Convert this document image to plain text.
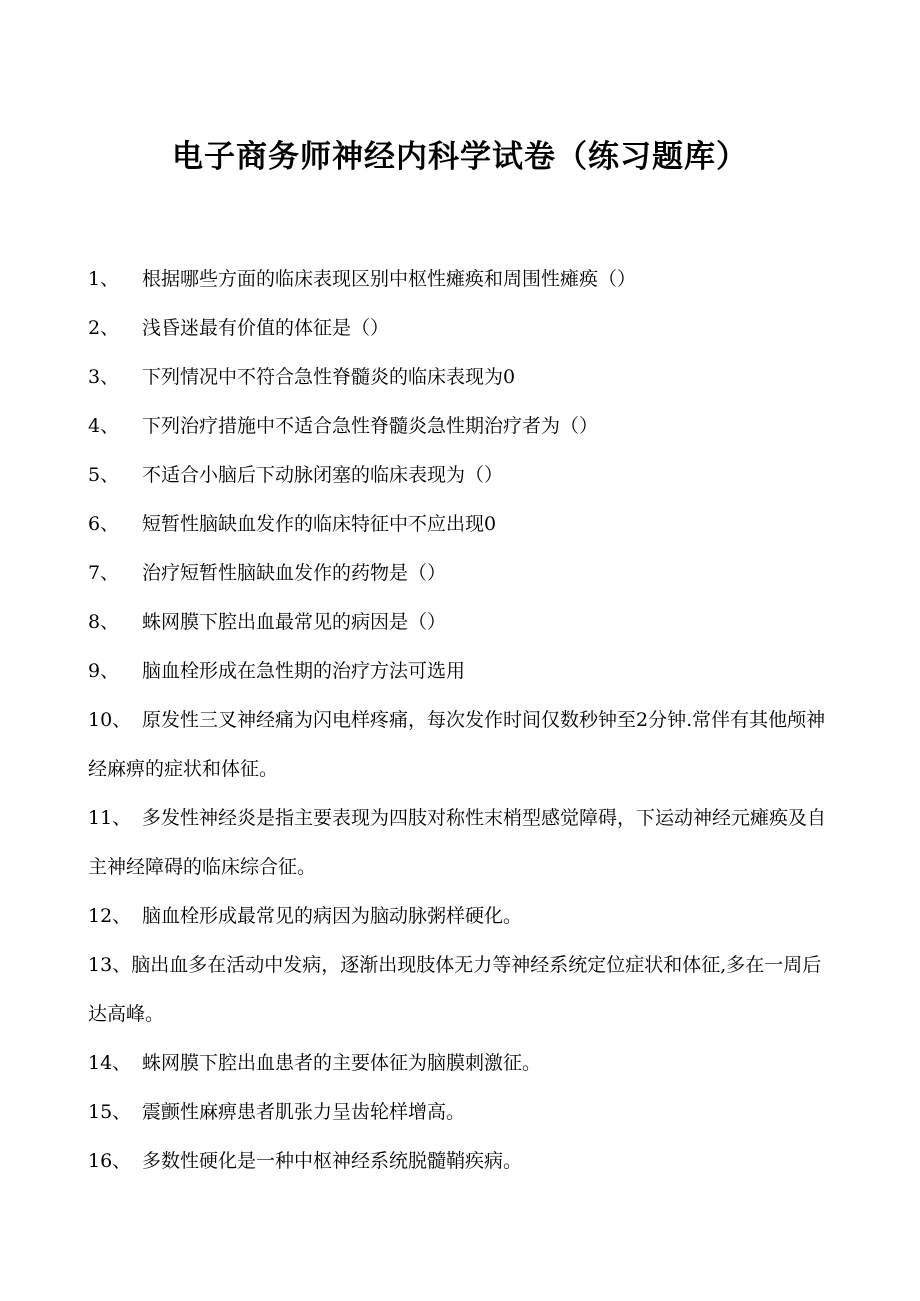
电子商务师神经内科学试卷（练习题库）
1、 根据哪些方面的临床表现区别中枢性瘫痪和周围性瘫痪（）
2、 浅昏迷最有价值的体征是（）
3、 下列情况中不符合急性脊髓炎的临床表现为0
4、 下列治疗措施中不适合急性脊髓炎急性期治疗者为（）
5、 不适合小脑后下动脉闭塞的临床表现为（）
6、 短暂性脑缺血发作的临床特征中不应出现0
7、 治疗短暂性脑缺血发作的药物是（）
8、 蛛网膜下腔出血最常见的病因是（）
9、 脑血栓形成在急性期的治疗方法可选用
10、 原发性三叉神经痛为闪电样疼痛，每次发作时间仅数秒钟至2分钟.常伴有其他颅神经麻痹的症状和体征。
11、 多发性神经炎是指主要表现为四肢对称性末梢型感觉障碍，下运动神经元瘫痪及自主神经障碍的临床综合征。
12、 脑血栓形成最常见的病因为脑动脉粥样硬化。
13、脑出血多在活动中发病，逐渐出现肢体无力等神经系统定位症状和体征,多在一周后达高峰。
14、 蛛网膜下腔出血患者的主要体征为脑膜刺激征。
15、 震颤性麻痹患者肌张力呈齿轮样增高。
16、 多数性硬化是一种中枢神经系统脱髓鞘疾病。
